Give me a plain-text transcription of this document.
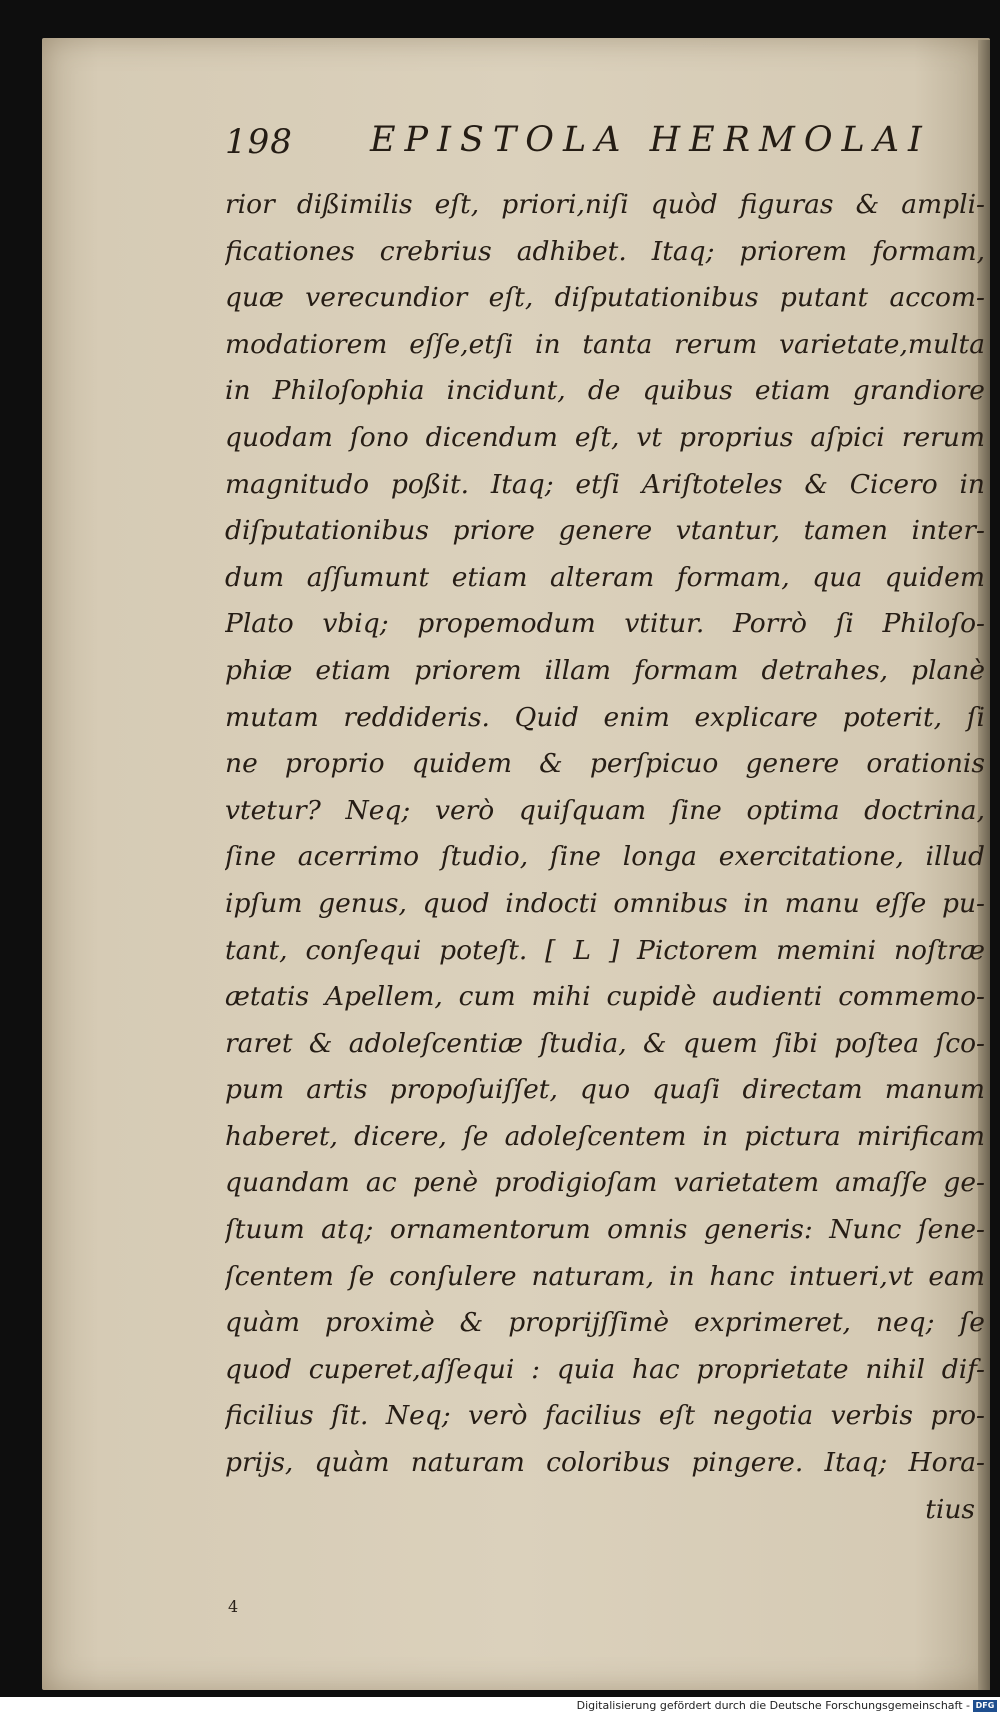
198 EPISTOLA HERMOLAI
rior dißimilis eſt, priori,niſi quòd figuras & ampli-
ficationes crebrius adhibet. Itaq; priorem formam,
quæ verecundior eſt, diſputationibus putant accom-
modatiorem eſſe,etſi in tanta rerum varietate,multa
in Philoſophia incidunt, de quibus etiam grandiore
quodam ſono dicendum eſt, vt proprius aſpici rerum
magnitudo poßit. Itaq; etſi Ariſtoteles & Cicero in
diſputationibus priore genere vtantur, tamen inter-
dum aſſumunt etiam alteram formam, qua quidem
Plato vbiq; propemodum vtitur. Porrò ſi Philoſo-
phiæ etiam priorem illam formam detrahes, planè
mutam reddideris. Quid enim explicare poterit, ſi
ne proprio quidem & perſpicuo genere orationis
vtetur? Neq; verò quiſquam ſine optima doctrina,
ſine acerrimo ſtudio, ſine longa exercitatione, illud
ipſum genus, quod indocti omnibus in manu eſſe pu-
tant, conſequi poteſt. [ L ] Pictorem memini noſtræ
ætatis Apellem, cum mihi cupidè audienti commemo-
raret & adoleſcentiæ ſtudia, & quem ſibi poſtea ſco-
pum artis propoſuiſſet, quo quaſi directam manum
haberet, dicere, ſe adoleſcentem in pictura mirificam
quandam ac penè prodigioſam varietatem amaſſe ge-
ſtuum atq; ornamentorum omnis generis: Nunc ſene-
ſcentem ſe conſulere naturam, in hanc intueri,vt eam
quàm proximè & proprijſſimè exprimeret, neq; ſe
quod cuperet,aſſequi : quia hac proprietate nihil dif-
ficilius ſit. Neq; verò facilius eſt negotia verbis pro-
prijs, quàm naturam coloribus pingere. Itaq; Hora-
tius
4
Digitalisierung gefördert durch die Deutsche Forschungsgemeinschaft - DFG
